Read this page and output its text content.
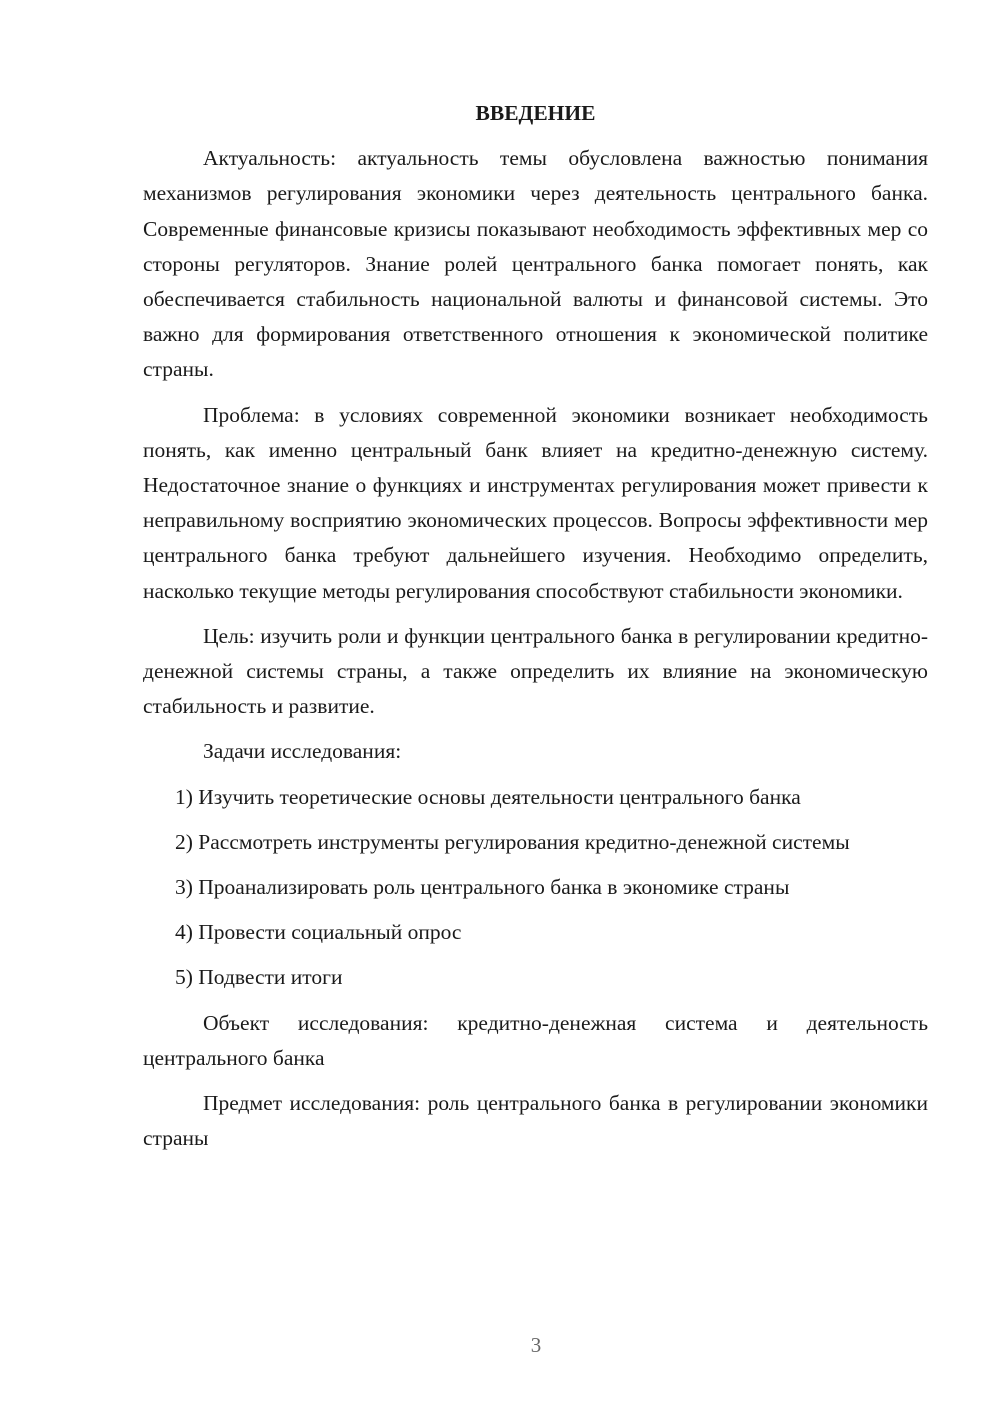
ВВЕДЕНИЕ

Актуальность: актуальность темы обусловлена важностью понимания механизмов регулирования экономики через деятельность центрального банка. Современные финансовые кризисы показывают необходимость эффективных мер со стороны регуляторов. Знание ролей центрального банка помогает понять, как обеспечивается стабильность национальной валюты и финансовой системы. Это важно для формирования ответственного отношения к экономической политике страны.

Проблема: в условиях современной экономики возникает необходимость понять, как именно центральный банк влияет на кредитно-денежную систему. Недостаточное знание о функциях и инструментах регулирования может привести к неправильному восприятию экономических процессов. Вопросы эффективности мер центрального банка требуют дальнейшего изучения. Необходимо определить, насколько текущие методы регулирования способствуют стабильности экономики.

Цель: изучить роли и функции центрального банка в регулировании кредитно-денежной системы страны, а также определить их влияние на экономическую стабильность и развитие.

Задачи исследования:

1) Изучить теоретические основы деятельности центрального банка

2) Рассмотреть инструменты регулирования кредитно-денежной системы

3) Проанализировать роль центрального банка в экономике страны

4) Провести социальный опрос

5) Подвести итоги

Объект исследования: кредитно-денежная система и деятельность центрального банка

Предмет исследования: роль центрального банка в регулировании экономики страны

3
